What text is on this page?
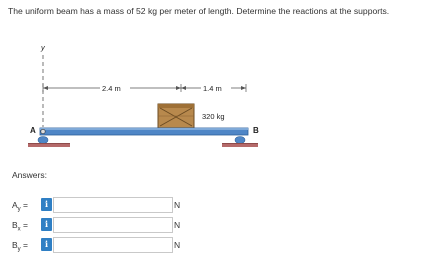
The uniform beam has a mass of 52 kg per meter of length. Determine the reactions at the supports.
y
2.4 m	1.4 m
320 kg
A	B
Answers:
$A_y$ =	i	N
$B_x$ =	i	N
$B_y$ =	i	N
